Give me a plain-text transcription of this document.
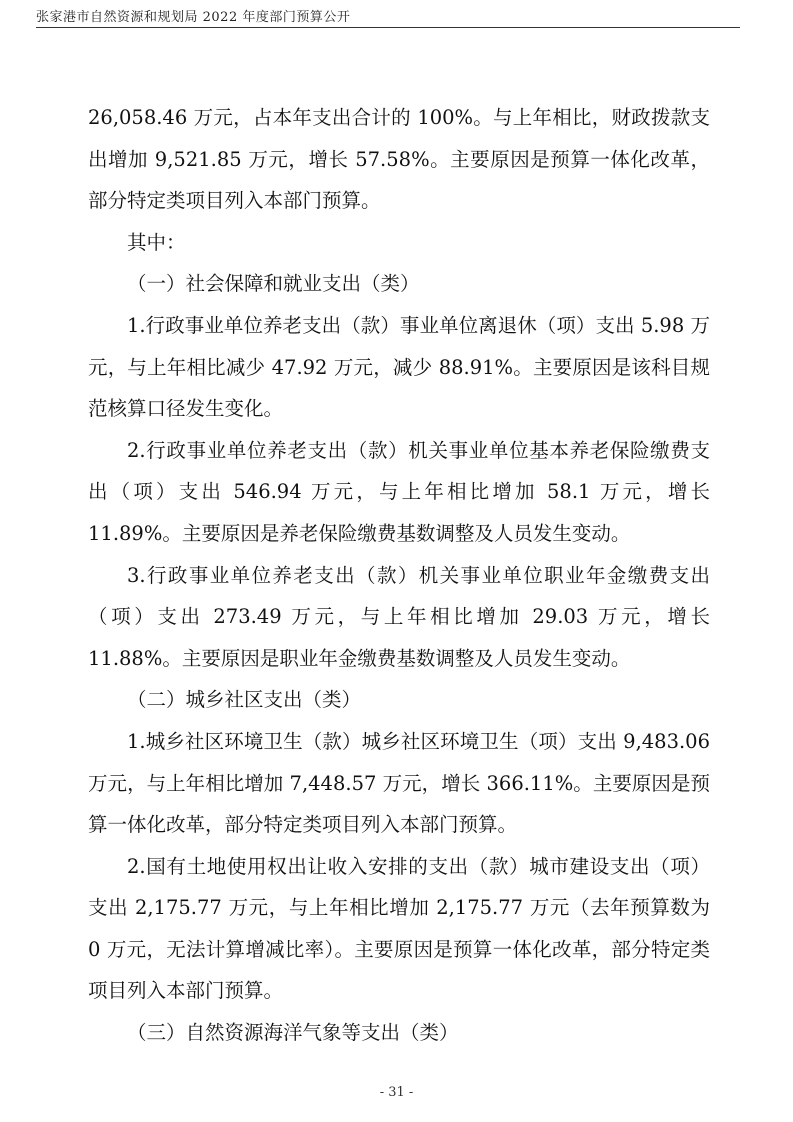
张家港市自然资源和规划局 2022 年度部门预算公开

26,058.46 万元，占本年支出合计的 100%。与上年相比，财政拨款支出增加 9,521.85 万元，增长 57.58%。主要原因是预算一体化改革，部分特定类项目列入本部门预算。

其中：

（一）社会保障和就业支出（类）

1.行政事业单位养老支出（款）事业单位离退休（项）支出 5.98 万元，与上年相比减少 47.92 万元，减少 88.91%。主要原因是该科目规范核算口径发生变化。

2.行政事业单位养老支出（款）机关事业单位基本养老保险缴费支出（项）支出 546.94 万元，与上年相比增加 58.1 万元，增长 11.89%。主要原因是养老保险缴费基数调整及人员发生变动。

3.行政事业单位养老支出（款）机关事业单位职业年金缴费支出（项）支出 273.49 万元，与上年相比增加 29.03 万元，增长 11.88%。主要原因是职业年金缴费基数调整及人员发生变动。

（二）城乡社区支出（类）

1.城乡社区环境卫生（款）城乡社区环境卫生（项）支出 9,483.06 万元，与上年相比增加 7,448.57 万元，增长 366.11%。主要原因是预算一体化改革，部分特定类项目列入本部门预算。

2.国有土地使用权出让收入安排的支出（款）城市建设支出（项）支出 2,175.77 万元，与上年相比增加 2,175.77 万元（去年预算数为 0 万元，无法计算增减比率）。主要原因是预算一体化改革，部分特定类项目列入本部门预算。

（三）自然资源海洋气象等支出（类）

- 31 -
